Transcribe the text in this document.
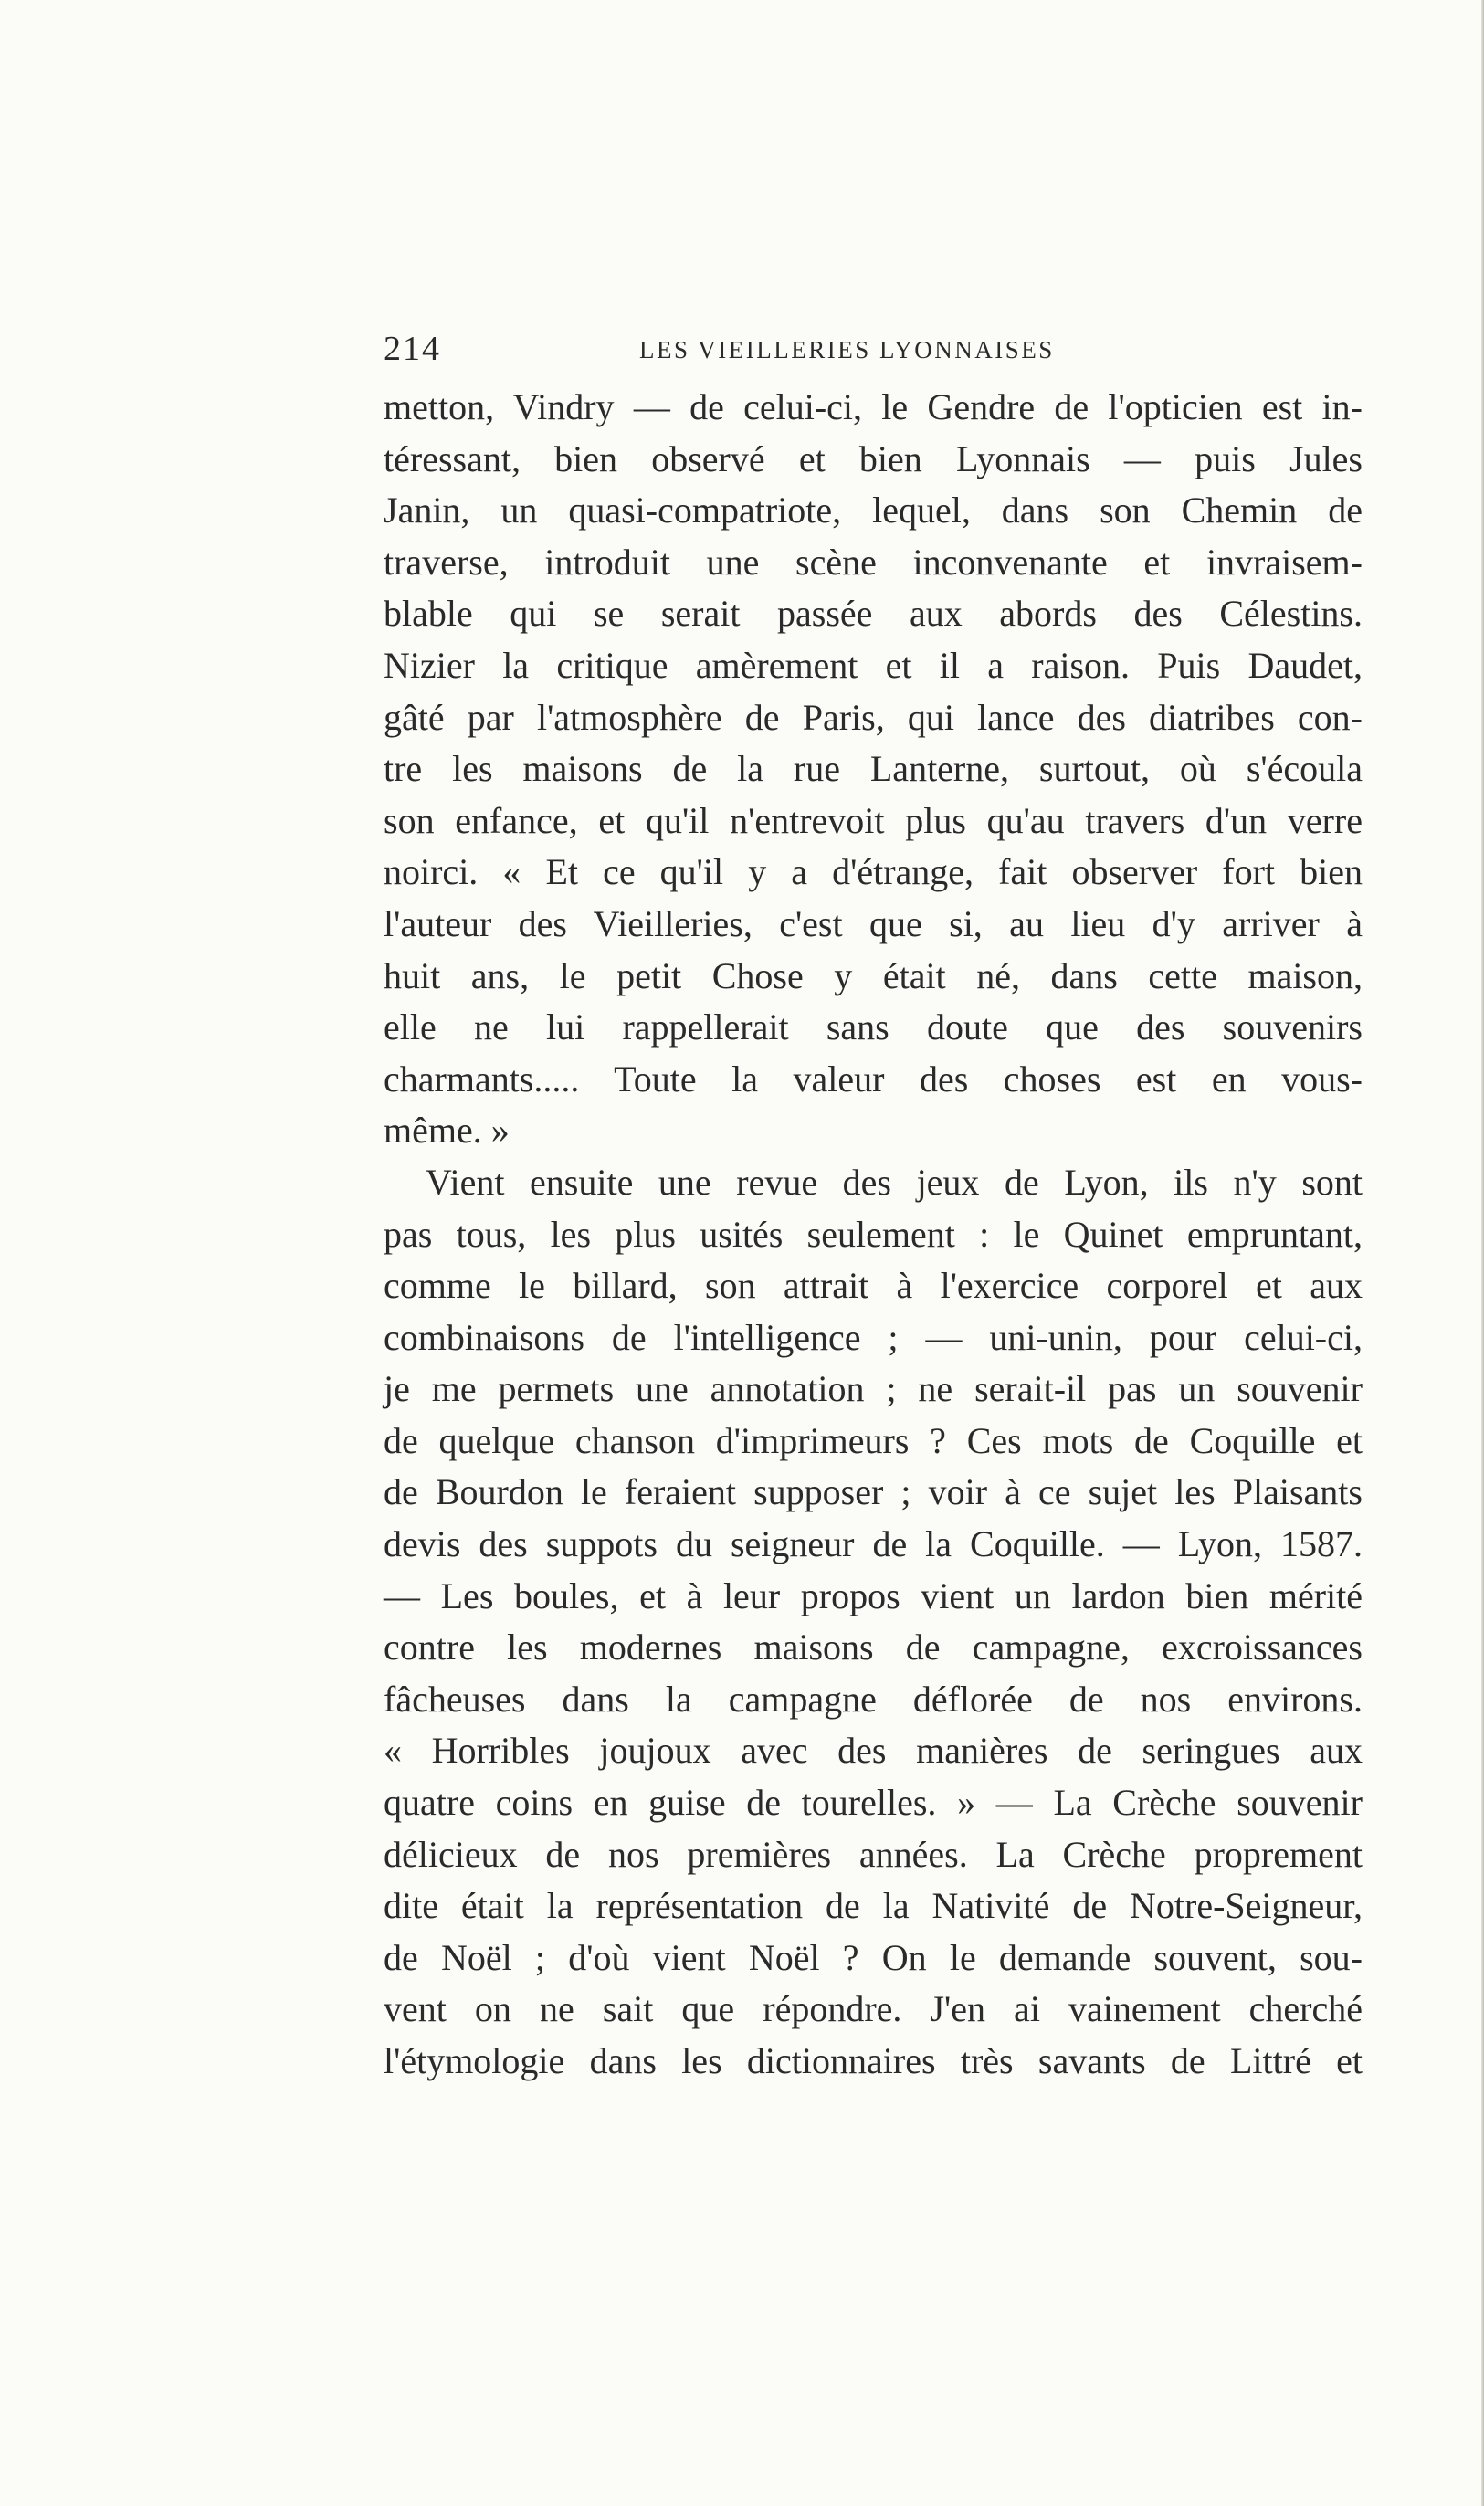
214	LES VIEILLERIES LYONNAISES
metton, Vindry — de celui-ci, le Gendre de l'opticien est in-
téressant, bien observé et bien Lyonnais — puis Jules
Janin, un quasi-compatriote, lequel, dans son Chemin de
traverse, introduit une scène inconvenante et invraisem-
blable qui se serait passée aux abords des Célestins.
Nizier la critique amèrement et il a raison. Puis Daudet,
gâté par l'atmosphère de Paris, qui lance des diatribes con-
tre les maisons de la rue Lanterne, surtout, où s'écoula
son enfance, et qu'il n'entrevoit plus qu'au travers d'un verre
noirci. « Et ce qu'il y a d'étrange, fait observer fort bien
l'auteur des Vieilleries, c'est que si, au lieu d'y arriver à
huit ans, le petit Chose y était né, dans cette maison,
elle ne lui rappellerait sans doute que des souvenirs
charmants..... Toute la valeur des choses est en vous-
même. »
Vient ensuite une revue des jeux de Lyon, ils n'y sont
pas tous, les plus usités seulement : le Quinet empruntant,
comme le billard, son attrait à l'exercice corporel et aux
combinaisons de l'intelligence ; — uni-unin, pour celui-ci,
je me permets une annotation ; ne serait-il pas un souvenir
de quelque chanson d'imprimeurs ? Ces mots de Coquille et
de Bourdon le feraient supposer ; voir à ce sujet les Plaisants
devis des suppots du seigneur de la Coquille. — Lyon, 1587.
— Les boules, et à leur propos vient un lardon bien mérité
contre les modernes maisons de campagne, excroissances
fâcheuses dans la campagne déflorée de nos environs.
« Horribles joujoux avec des manières de seringues aux
quatre coins en guise de tourelles. » — La Crèche souvenir
délicieux de nos premières années. La Crèche proprement
dite était la représentation de la Nativité de Notre-Seigneur,
de Noël ; d'où vient Noël ? On le demande souvent, sou-
vent on ne sait que répondre. J'en ai vainement cherché
l'étymologie dans les dictionnaires très savants de Littré et
